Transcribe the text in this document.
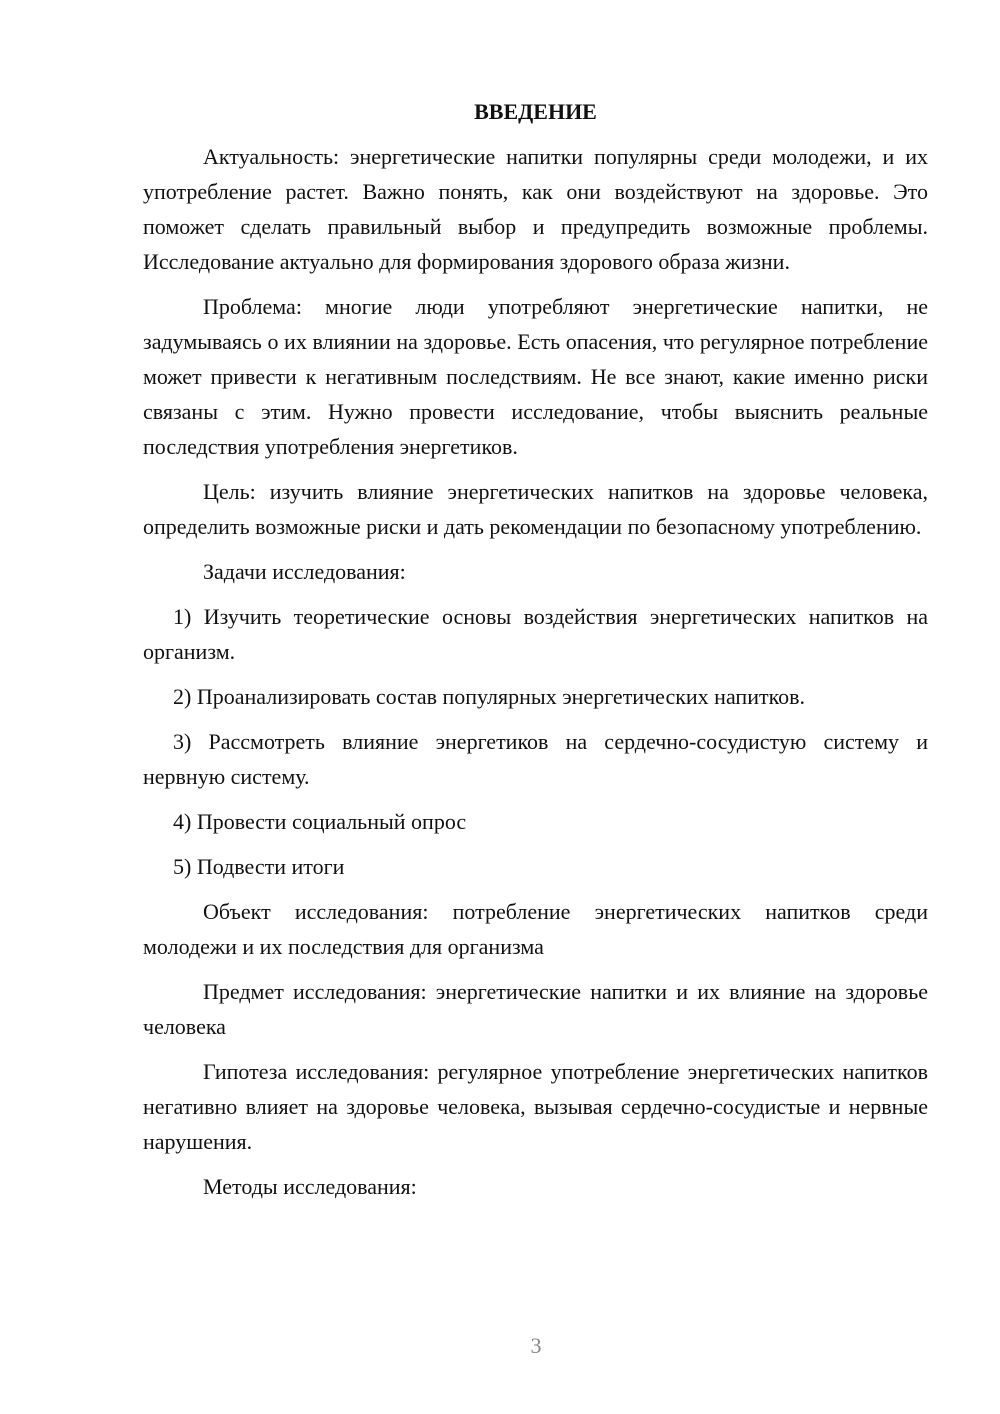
ВВЕДЕНИЕ
Актуальность: энергетические напитки популярны среди молодежи, и их употребление растет. Важно понять, как они воздействуют на здоровье. Это поможет сделать правильный выбор и предупредить возможные проблемы. Исследование актуально для формирования здорового образа жизни.
Проблема: многие люди употребляют энергетические напитки, не задумываясь о их влиянии на здоровье. Есть опасения, что регулярное потребление может привести к негативным последствиям. Не все знают, какие именно риски связаны с этим. Нужно провести исследование, чтобы выяснить реальные последствия употребления энергетиков.
Цель: изучить влияние энергетических напитков на здоровье человека, определить возможные риски и дать рекомендации по безопасному употреблению.
Задачи исследования:
1) Изучить теоретические основы воздействия энергетических напитков на организм.
2) Проанализировать состав популярных энергетических напитков.
3) Рассмотреть влияние энергетиков на сердечно-сосудистую систему и нервную систему.
4) Провести социальный опрос
5) Подвести итоги
Объект исследования: потребление энергетических напитков среди молодежи и их последствия для организма
Предмет исследования: энергетические напитки и их влияние на здоровье человека
Гипотеза исследования: регулярное употребление энергетических напитков негативно влияет на здоровье человека, вызывая сердечно-сосудистые и нервные нарушения.
Методы исследования:
3
